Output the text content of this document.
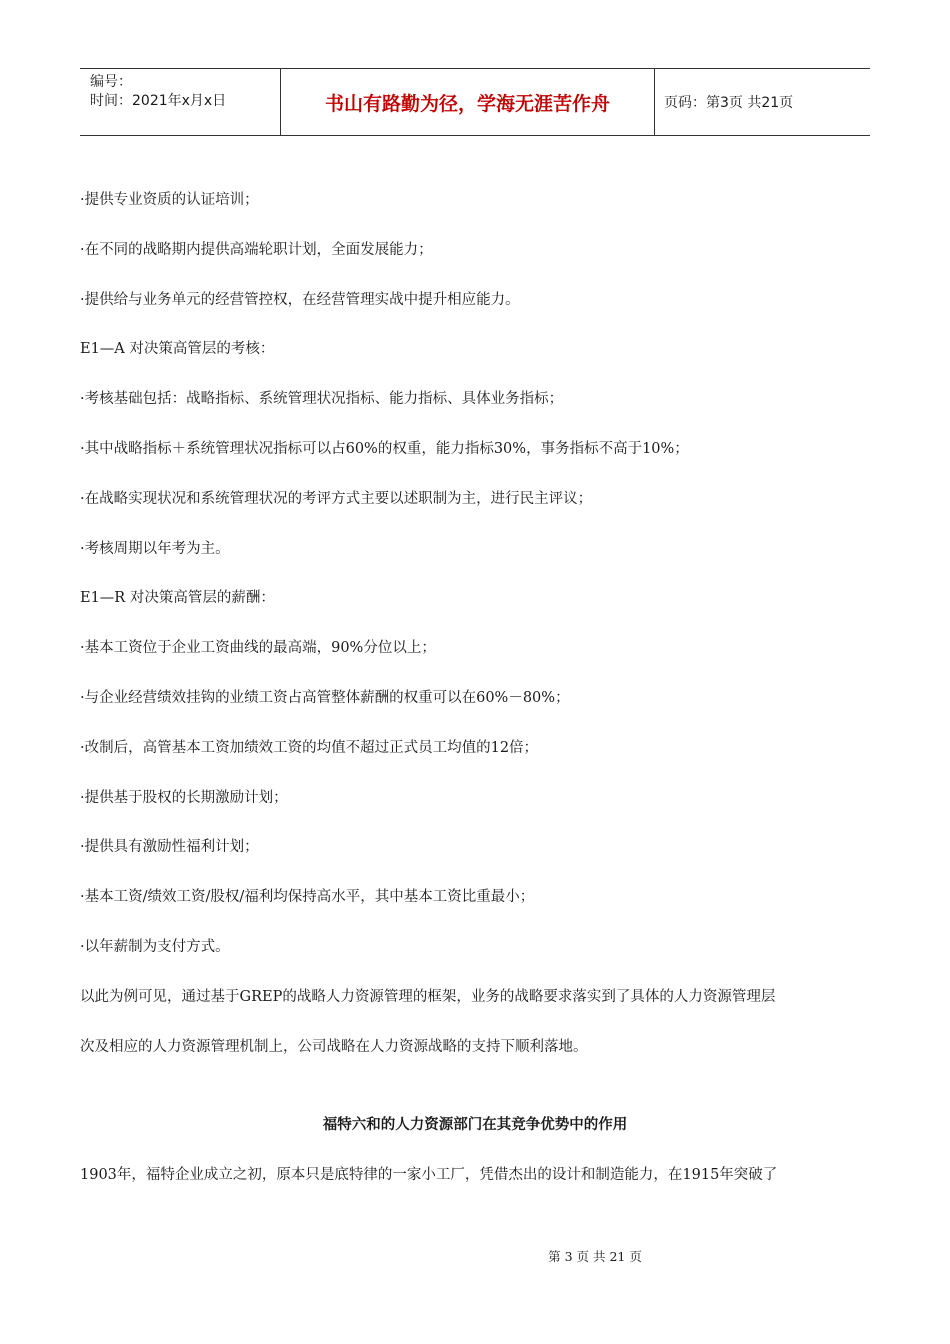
编号：
时间：2021年x月x日	书山有路勤为径，学海无涯苦作舟	页码：第3页 共21页

·提供专业资质的认证培训；

·在不同的战略期内提供高端轮职计划，全面发展能力；

·提供给与业务单元的经营管控权，在经营管理实战中提升相应能力。

E1—A 对决策高管层的考核：

·考核基础包括：战略指标、系统管理状况指标、能力指标、具体业务指标；

·其中战略指标＋系统管理状况指标可以占60%的权重，能力指标30%，事务指标不高于10%；

·在战略实现状况和系统管理状况的考评方式主要以述职制为主，进行民主评议；

·考核周期以年考为主。

E1—R 对决策高管层的薪酬：

·基本工资位于企业工资曲线的最高端，90%分位以上；

·与企业经营绩效挂钩的业绩工资占高管整体薪酬的权重可以在60%－80%；

·改制后，高管基本工资加绩效工资的均值不超过正式员工均值的12倍；

·提供基于股权的长期激励计划；

·提供具有激励性福利计划；

·基本工资/绩效工资/股权/福利均保持高水平，其中基本工资比重最小；

·以年薪制为支付方式。

以此为例可见，通过基于GREP的战略人力资源管理的框架，业务的战略要求落实到了具体的人力资源管理层

次及相应的人力资源管理机制上，公司战略在人力资源战略的支持下顺利落地。

福特六和的人力资源部门在其竞争优势中的作用
1903年，福特企业成立之初，原本只是底特律的一家小工厂，凭借杰出的设计和制造能力，在1915年突破了
第 3 页 共 21 页
